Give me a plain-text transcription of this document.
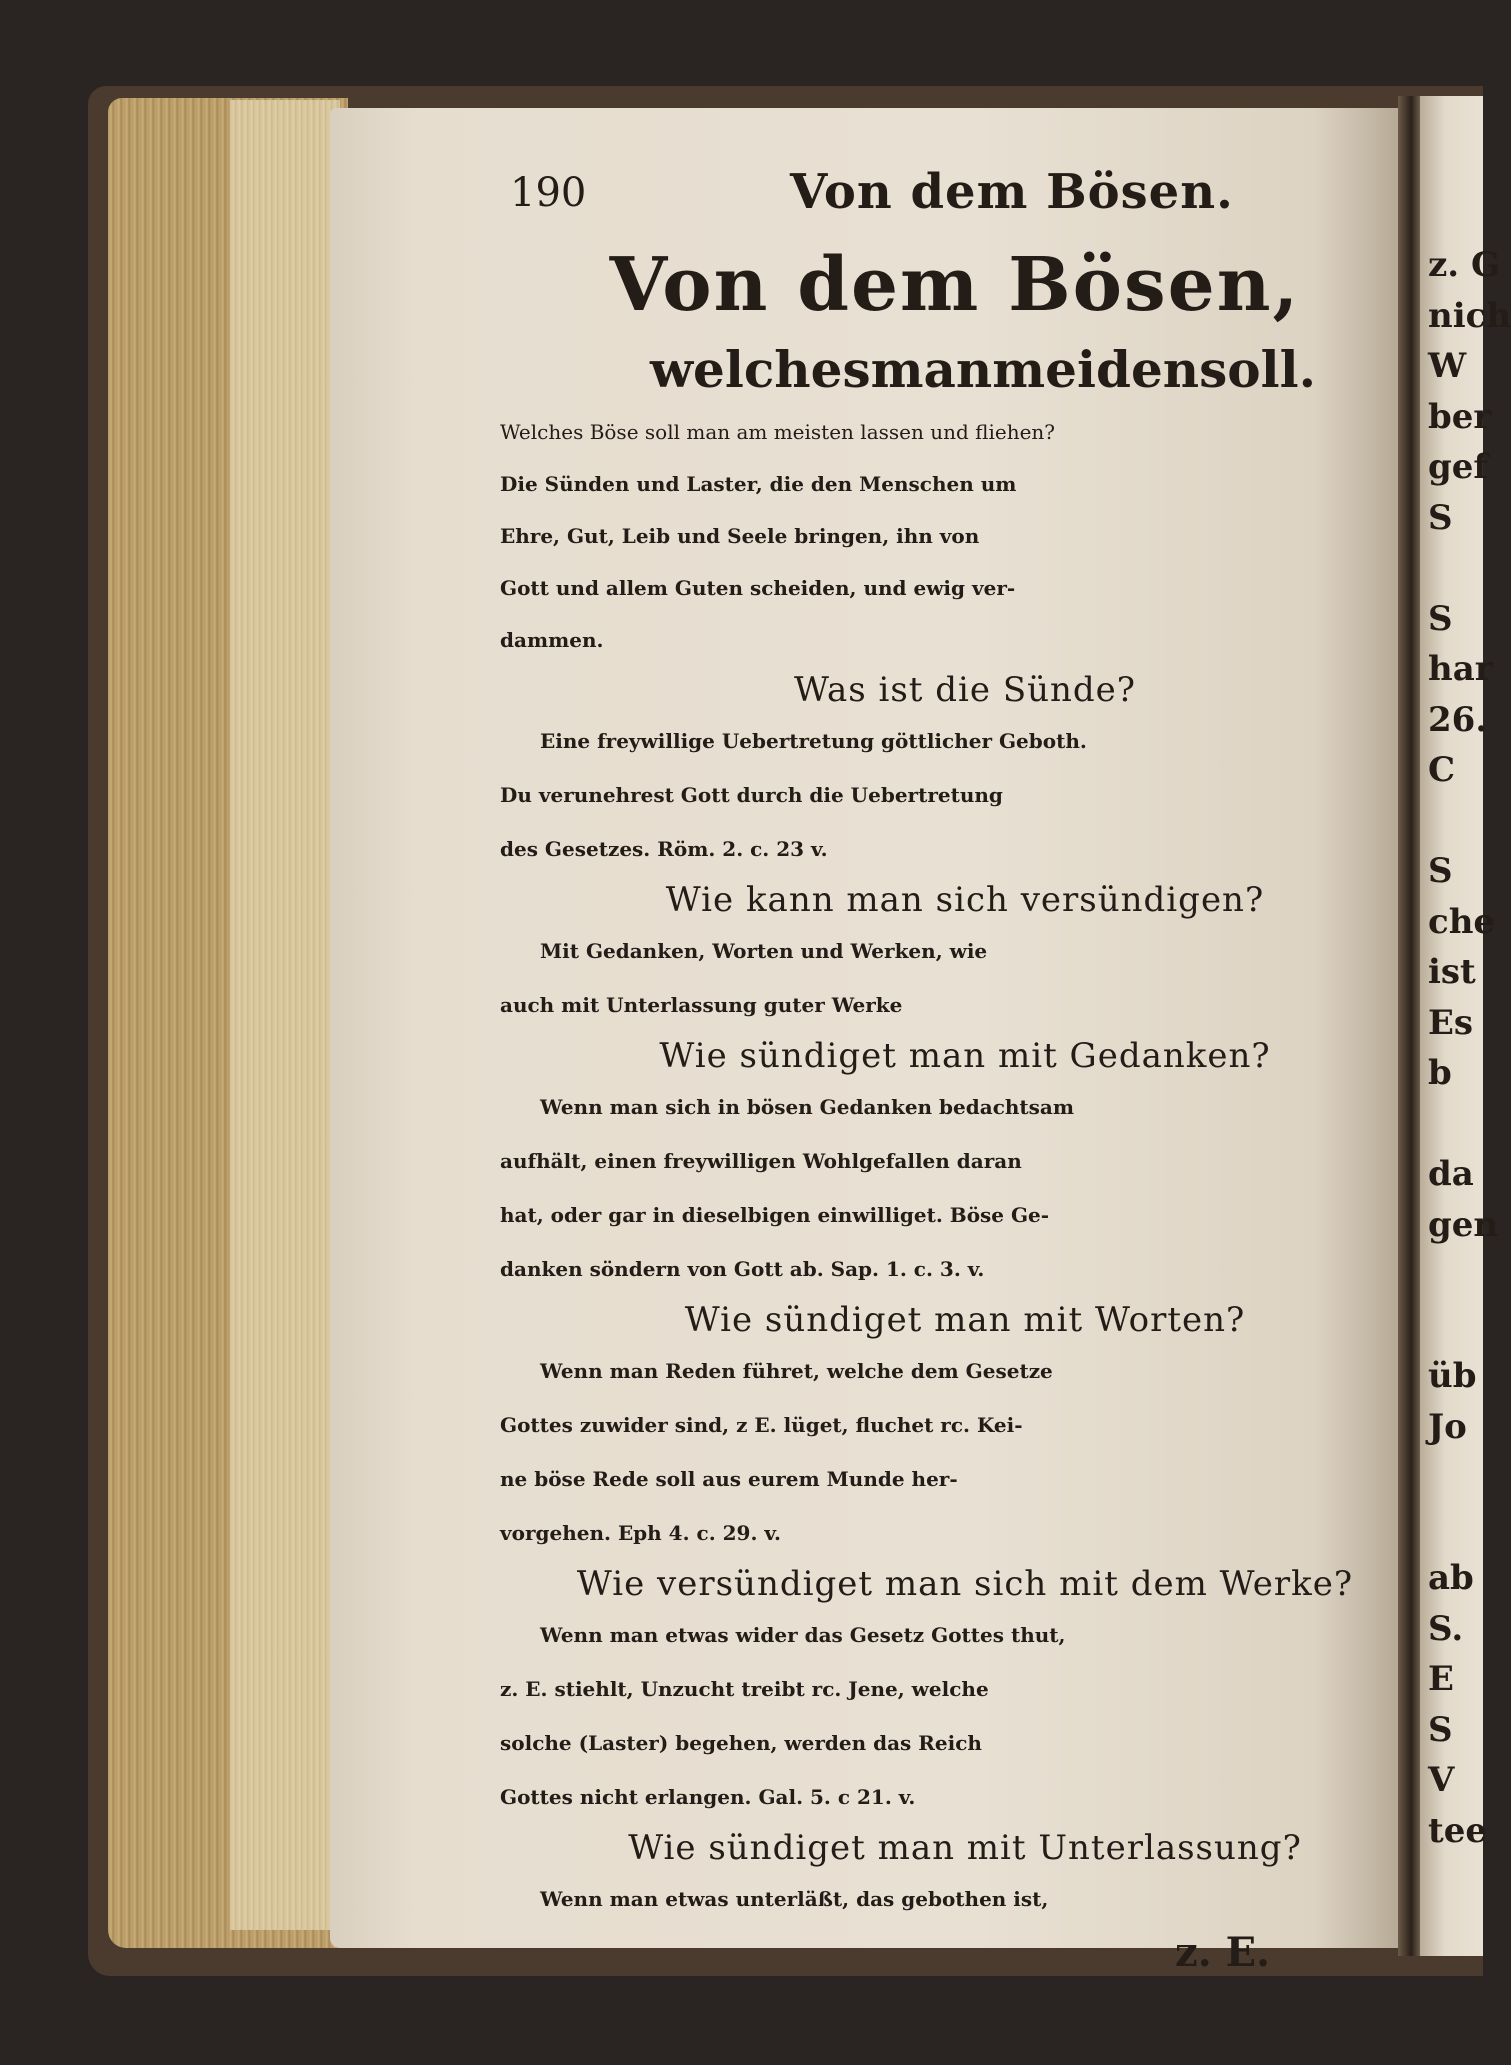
z. G
nich
W
ber
gef
S
S
har
26.
C
S
che
ist
Es
b
da
gen
üb
Jo
ab
S.
E
S
V
tee
190	Von dem Bösen.
Von dem Bösen,
welches man meiden soll.
Welches Böse soll man am meisten lassen und fliehen?
Die Sünden und Laster, die den Menschen um
Ehre, Gut, Leib und Seele bringen, ihn von
Gott und allem Guten scheiden, und ewig ver-
dammen.
Was ist die Sünde?
Eine freywillige Uebertretung göttlicher Geboth.
Du verunehrest Gott durch die Uebertretung
des Gesetzes. Röm. 2. c. 23 v.
Wie kann man sich versündigen?
Mit Gedanken, Worten und Werken, wie
auch mit Unterlassung guter Werke
Wie sündiget man mit Gedanken?
Wenn man sich in bösen Gedanken bedachtsam
aufhält, einen freywilligen Wohlgefallen daran
hat, oder gar in dieselbigen einwilliget. Böse Ge-
danken söndern von Gott ab. Sap. 1. c. 3. v.
Wie sündiget man mit Worten?
Wenn man Reden führet, welche dem Gesetze
Gottes zuwider sind, z E. lüget, fluchet rc. Kei-
ne böse Rede soll aus eurem Munde her-
vorgehen. Eph 4. c. 29. v.
Wie versündiget man sich mit dem Werke?
Wenn man etwas wider das Gesetz Gottes thut,
z. E. stiehlt, Unzucht treibt rc. Jene, welche
solche (Laster) begehen, werden das Reich
Gottes nicht erlangen. Gal. 5. c 21. v.
Wie sündiget man mit Unterlassung?
Wenn man etwas unterläßt, das gebothen ist,
z. E.
